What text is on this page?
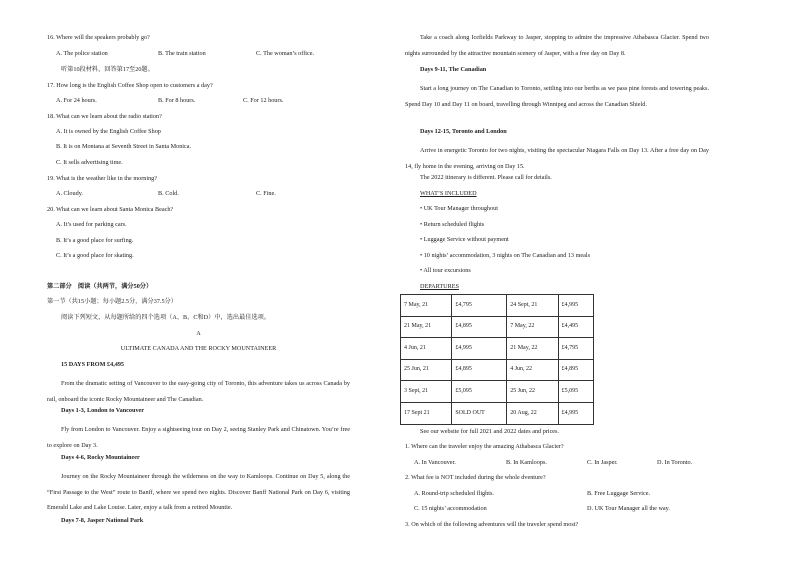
16. Where will the speakers probably go?
A. The police station	B. The train station	C. The woman’s office.
听第10段材料，回答第17至20题。
17. How long is the English Coffee Shop open to customers a day?
A. For 24 hours.	B. For 8 hours.	C. For 12 hours.
18. What can we learn about the radio station?
A. It is owned by the English Coffee Shop
B. It is on Montana at Seventh Street in Santa Monica.
C. It sells advertising time.
19. What is the weather like in the morning?
A. Cloudy.	B. Cold.	C. Fine.
20. What can we learn about Santa Monica Beach?
A. It’s used for parking cars.
B. It’s a good place for surfing.
C. It’s a good place for skating.
第二部分　阅读（共两节，满分50分）
第一节（共15小题；每小题2.5分，满分37.5分）
阅读下列短文，从每题所给的四个选项（A、B、C和D）中，选出最佳选项。
A
ULTIMATE CANADA AND THE ROCKY MOUNTAINEER
15 DAYS FROM £4,495
From the dramatic setting of Vancouver to the easy-going city of Toronto, this adventure takes us across Canada by rail, onboard the iconic Rocky Mountaineer and The Canadian.
Days 1-3, London to Vancouver
Fly from London to Vancouver. Enjoy a sightseeing tour on Day 2, seeing Stanley Park and Chinatown. You’re free to explore on Day 3.
Days 4-6, Rocky Mountaineer
Journey on the Rocky Mountaineer through the wilderness on the way to Kamloops. Continue on Day 5, along the “First Passage to the West” route to Banff, where we spend two nights. Discover Banff National Park on Day 6, visiting Emerald Lake and Lake Louise. Later, enjoy a talk from a retired Mountie.
Days 7-8, Jasper National Park
Take a coach along Icefields Parkway to Jasper, stopping to admire the impressive Athabasca Glacier. Spend two nights surrounded by the attractive mountain scenery of Jasper, with a free day on Day 8.
Days 9-11, The Canadian
Start a long journey on The Canadian to Toronto, settling into our berths as we pass pine forests and towering peaks. Spend Day 10 and Day 11 on board, travelling through Winnipeg and across the Canadian Shield.
Days 12-15, Toronto and London
Arrive in energetic Toronto for two nights, visiting the spectacular Niagara Falls on Day 13. After a free day on Day 14, fly home in the evening, arriving on Day 15.
The 2022 itinerary is different. Please call for details.
WHAT’S INCLUDED
• UK Tour Manager throughout
• Return scheduled flights
• Luggage Service without payment
• 10 nights’ accommodation, 3 nights on The Canadian and 13 meals
• All tour excursions
DEPARTURES
7 May, 21	£4,795	24 Sept, 21	£4,995
21 May, 21	£4,895	7 May, 22	£4,495
4 Jun, 21	£4,995	21 May, 22	£4,795
25 Jun, 21	£4,895	4 Jun, 22	£4,895
3 Sept, 21	£5,095	25 Jun, 22	£5,095
17 Sept 21	SOLD OUT	20 Aug, 22	£4,995
See our website for full 2021 and 2022 dates and prices.
1. Where can the traveler enjoy the amazing Athabasca Glacier?
A. In Vancouver.	B. In Kamloops.	C. In Jasper.	D. In Toronto.
2. What fee is NOT included during the whole dventure?
A. Round-trip scheduled flights.	B. Free Luggage Service.
C. 15 nights’ accommodation	D. UK Tour Manager all the way.
3. On which of the following adventures will the traveler spend most?
